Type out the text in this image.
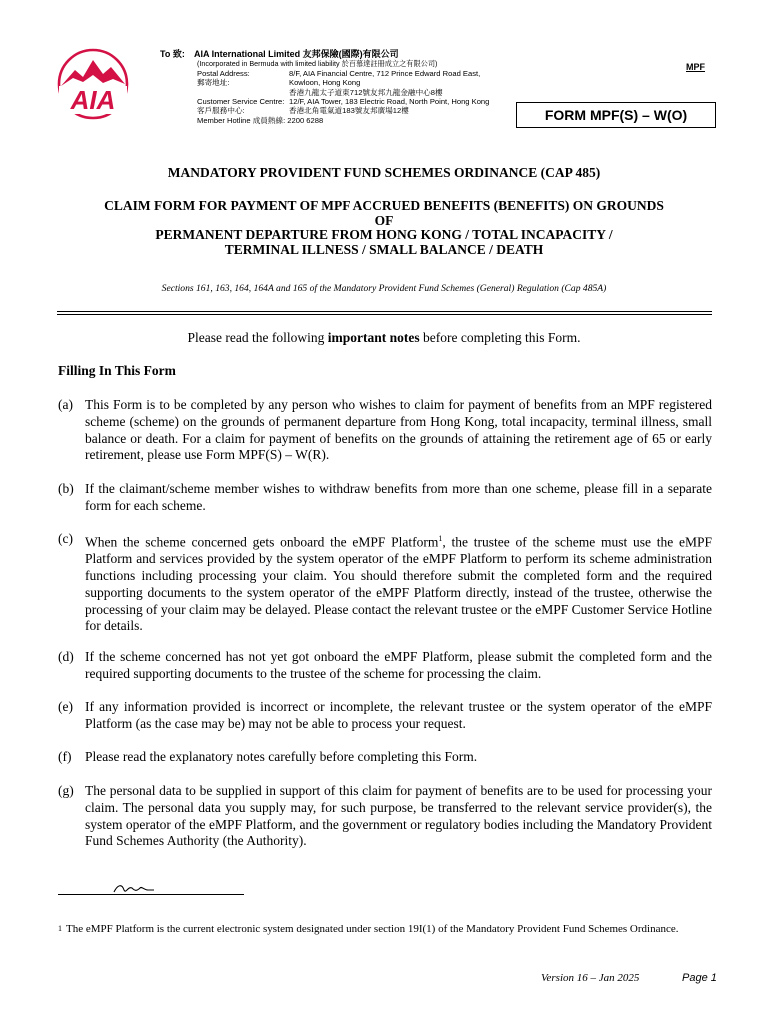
AIA
To 致: AIA International Limited 友邦保險(國際)有限公司
(Incorporated in Bermuda with limited liability 於百慕達註冊成立之有限公司)
Postal Address:	8/F, AIA Financial Centre, 712 Prince Edward Road East,
郵寄地址:	Kowloon, Hong Kong
香港九龍太子道東712號友邦九龍金融中心8樓
Customer Service Centre: 12/F, AIA Tower, 183 Electric Road, North Point, Hong Kong
客戶服務中心:	香港北角電氣道183號友邦廣場12樓
Member Hotline 成員熱線: 2200 6288
MPF
FORM MPF(S) – W(O)
MANDATORY PROVIDENT FUND SCHEMES ORDINANCE (CAP 485)
CLAIM FORM FOR PAYMENT OF MPF ACCRUED BENEFITS (BENEFITS) ON GROUNDS
OF
PERMANENT DEPARTURE FROM HONG KONG / TOTAL INCAPACITY /
TERMINAL ILLNESS / SMALL BALANCE / DEATH
Sections 161, 163, 164, 164A and 165 of the Mandatory Provident Fund Schemes (General) Regulation (Cap 485A)
Please read the following important notes before completing this Form.
Filling In This Form
(a) This Form is to be completed by any person who wishes to claim for payment of benefits from an MPF registered scheme (scheme) on the grounds of permanent departure from Hong Kong, total incapacity, terminal illness, small balance or death. For a claim for payment of benefits on the grounds of attaining the retirement age of 65 or early retirement, please use Form MPF(S) – W(R).
(b) If the claimant/scheme member wishes to withdraw benefits from more than one scheme, please fill in a separate form for each scheme.
(c) When the scheme concerned gets onboard the eMPF Platform$^1$, the trustee of the scheme must use the eMPF Platform and services provided by the system operator of the eMPF Platform to perform its scheme administration functions including processing your claim. You should therefore submit the completed form and the required supporting documents to the system operator of the eMPF Platform directly, instead of the trustee, otherwise the processing of your claim may be delayed. Please contact the relevant trustee or the eMPF Customer Service Hotline for details.
(d) If the scheme concerned has not yet got onboard the eMPF Platform, please submit the completed form and the required supporting documents to the trustee of the scheme for processing the claim.
(e) If any information provided is incorrect or incomplete, the relevant trustee or the system operator of the eMPF Platform (as the case may be) may not be able to process your request.
(f)	Please read the explanatory notes carefully before completing this Form.
(g) The personal data to be supplied in support of this claim for payment of benefits are to be used for processing your claim. The personal data you supply may, for such purpose, be transferred to the relevant service provider(s), the system operator of the eMPF Platform, and the government or regulatory bodies including the Mandatory Provident Fund Schemes Authority (the Authority).
1 The eMPF Platform is the current electronic system designated under section 19I(1) of the Mandatory Provident Fund Schemes Ordinance.
Version 16 – Jan 2025	Page 1
